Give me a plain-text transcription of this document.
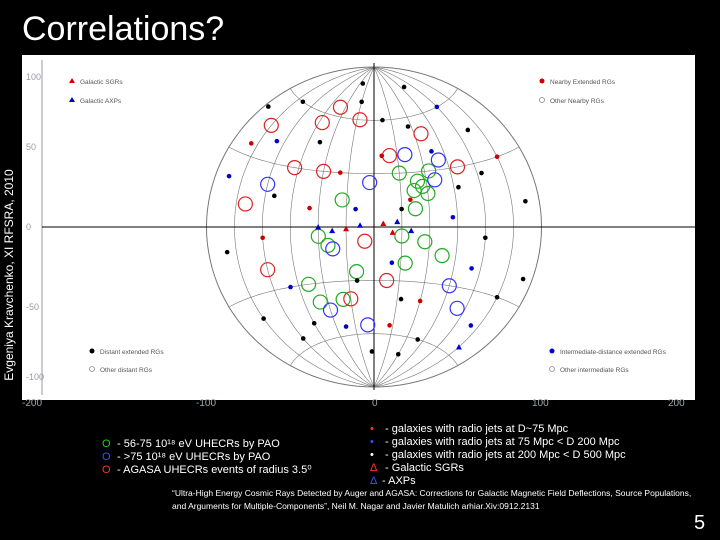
Correlations?
Evgeniya Kravchenko, XI RFSRA, 2010
100
50
0
-50
-100
Galactic SGRs
Galactic AXPs
Nearby Extended RGs
Other Nearby RGs
Distant extended RGs
Other distant RGs
Intermediate-distance extended RGs
Other intermediate RGs
O - 56-75 10¹⁸ eV UHECRs by PAO
O - >75 10¹⁸ eV UHECRs by PAO
O - AGASA UHECRs events of radius 3.5⁰
• - galaxies with radio jets at D~75 Mpc
• - galaxies with radio jets at 75 Mpc < D 200 Mpc
• - galaxies with radio jets at 200 Mpc < D 500 Mpc
Δ - Galactic SGRs
Δ - AXPs
“Ultra-High Energy Cosmic Rays Detected by Auger and AGASA: Corrections for Galactic Magnetic Field Deflections, Source Populations, and Arguments for Multiple-Components”, Neil M. Nagar and Javier Matulich arhiar.Xiv:0912.2131
5
-200	-100	0	100	200
